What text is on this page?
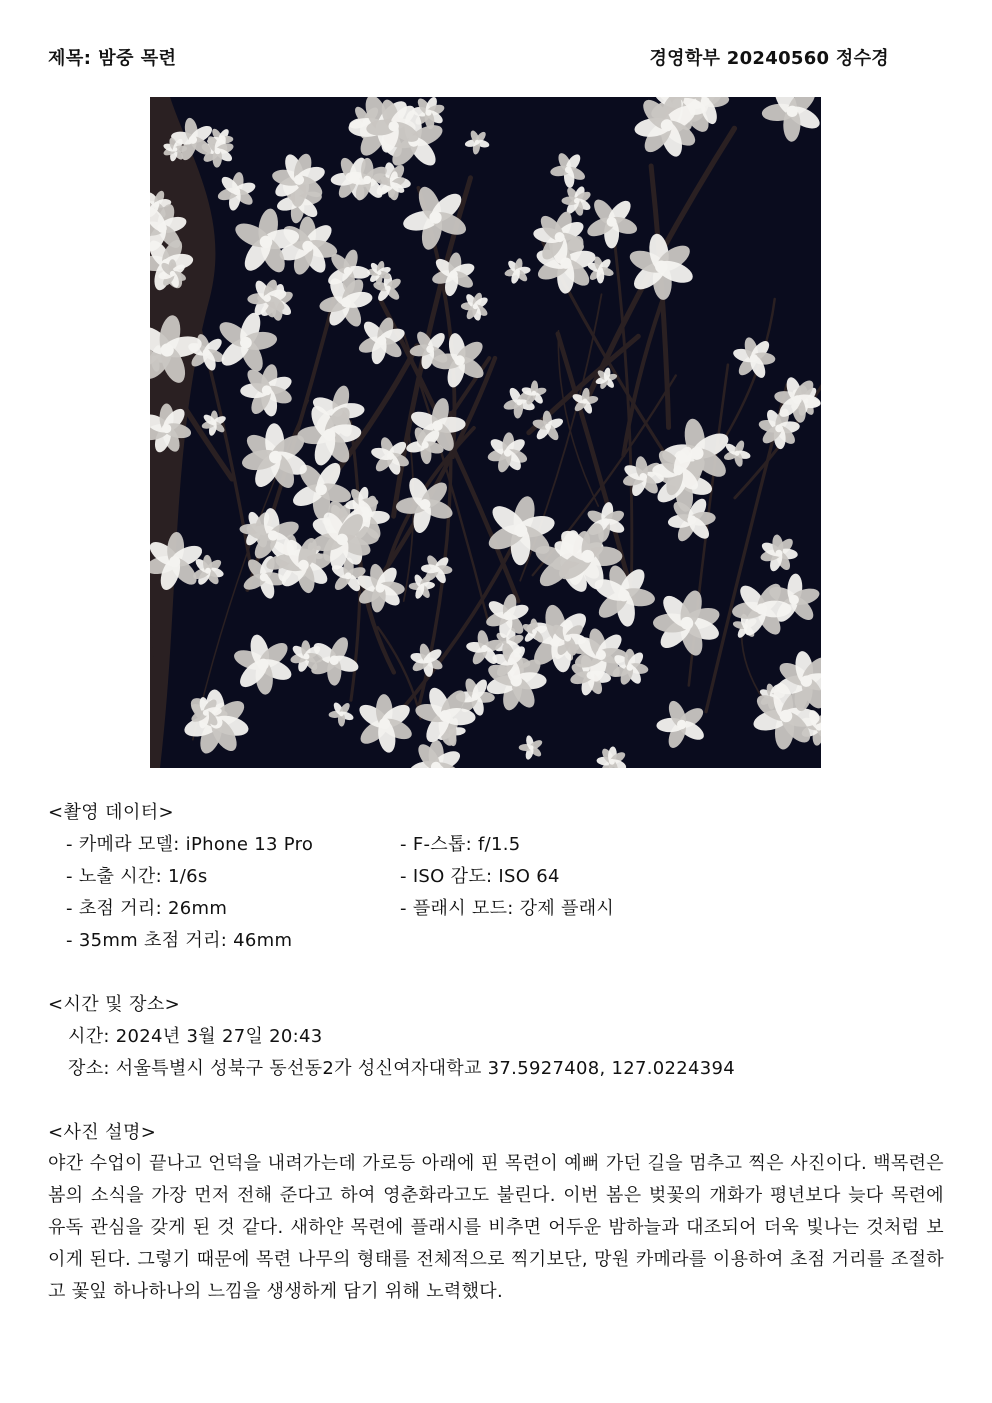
제목: 밤중 목련	경영학부 20240560 정수경
<촬영 데이터>
- 카메라 모델: iPhone 13 Pro	- F-스톱: f/1.5
- 노출 시간: 1/6s	- ISO 감도: ISO 64
- 초점 거리: 26mm	- 플래시 모드: 강제 플래시
- 35mm 초점 거리: 46mm
<시간 및 장소>
시간: 2024년 3월 27일 20:43
장소: 서울특별시 성북구 동선동2가 성신여자대학교 37.5927408, 127.0224394
<사진 설명>

야간 수업이 끝나고 언덕을 내려가는데 가로등 아래에 핀 목련이 예뻐 가던 길을 멈추고 찍은 사진이다. 백목련은 봄의 소식을 가장 먼저 전해 준다고 하여 영춘화라고도 불린다. 이번 봄은 벚꽃의 개화가 평년보다 늦다 목련에 유독 관심을 갖게 된 것 같다. 새하얀 목련에 플래시를 비추면 어두운 밤하늘과 대조되어 더욱 빛나는 것처럼 보이게 된다. 그렇기 때문에 목련 나무의 형태를 전체적으로 찍기보단, 망원 카메라를 이용하여 초점 거리를 조절하고 꽃잎 하나하나의 느낌을 생생하게 담기 위해 노력했다.
